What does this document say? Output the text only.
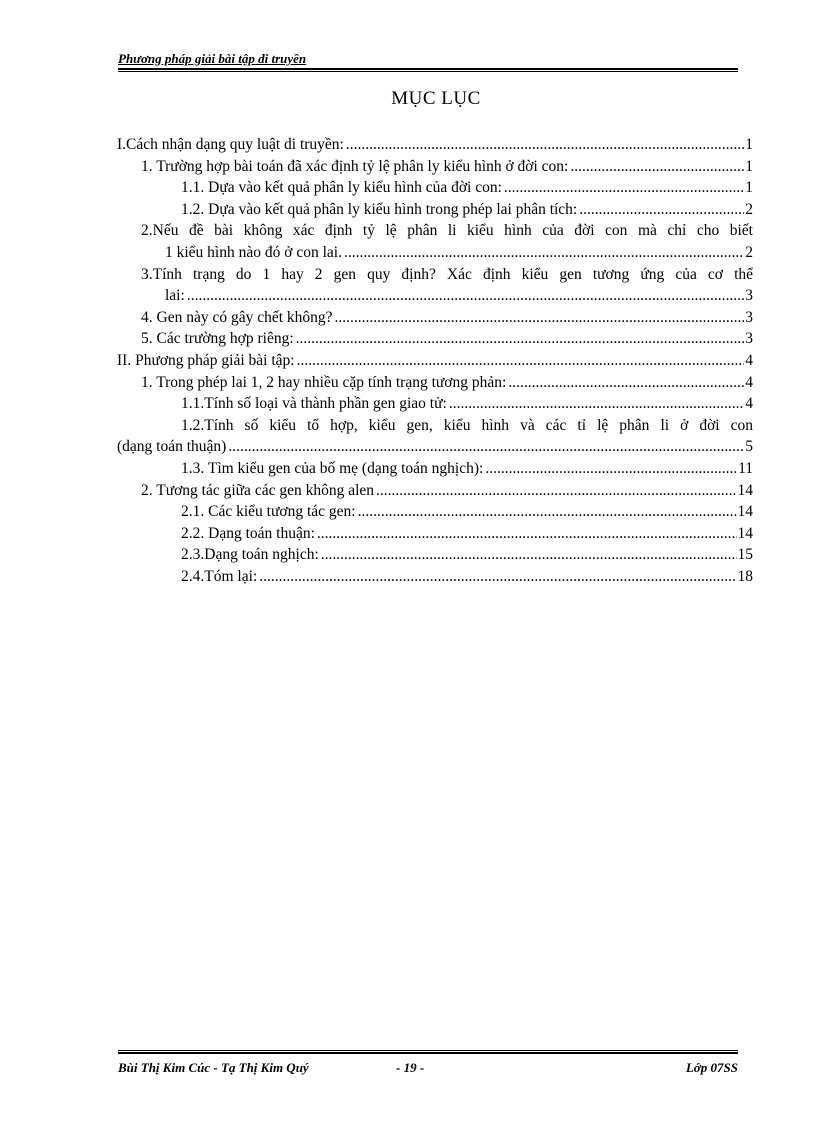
Phương pháp giải bài tập di truyền
MỤC LỤC
I.Cách nhận dạng quy luật di truyền: .....	1
1. Trường hợp bài toán đã xác định tỷ lệ phân ly kiểu hình ở đời con: .....	1
1.1. Dựa vào kết quả phân ly kiểu hình của đời con: .....	1
1.2. Dựa vào kết quả phân ly kiểu hình trong phép lai phân tích: .....	2
2.Nếu đề bài không xác định tỷ lệ phân li kiểu hình của đời con mà chỉ cho biết
1 kiểu hình nào đó ở con lai. .....	2
3.Tính trạng do 1 hay 2 gen quy định? Xác định kiểu gen tương ứng của cơ thể
lai: .....	3
4. Gen này có gây chết không? .....	3
5. Các trường hợp riêng: .....	3
II. Phương pháp giải bài tập: .....	4
1. Trong phép lai 1, 2 hay nhiều cặp tính trạng tương phản: .....	4
1.1.Tính số loại và thành phần gen giao tử: .....	4
1.2.Tính số kiểu tổ hợp, kiểu gen, kiểu hình và các tỉ lệ phân li ở đời con
(dạng toán thuận) .....	5
1.3. Tìm kiểu gen của bố mẹ (dạng toán nghịch): .....	11
2. Tương tác giữa các gen không alen .....	14
2.1. Các kiểu tương tác gen: .....	14
2.2. Dạng toán thuận: .....	14
2.3.Dạng toán nghịch: .....	15
2.4.Tóm lại: .....	18
Bùi Thị Kim Cúc - Tạ Thị Kim Quý	- 19 -	Lớp 07SS
